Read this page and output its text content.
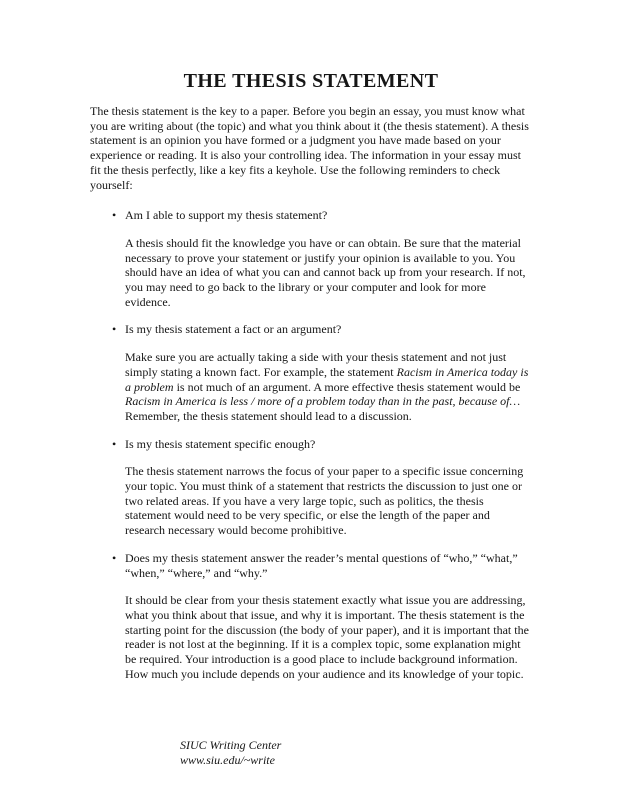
THE THESIS STATEMENT

The thesis statement is the key to a paper. Before you begin an essay, you must know what you are writing about (the topic) and what you think about it (the thesis statement). A thesis statement is an opinion you have formed or a judgment you have made based on your experience or reading. It is also your controlling idea. The information in your essay must fit the thesis perfectly, like a key fits a keyhole. Use the following reminders to check yourself:

• Am I able to support my thesis statement?

A thesis should fit the knowledge you have or can obtain. Be sure that the material necessary to prove your statement or justify your opinion is available to you. You should have an idea of what you can and cannot back up from your research. If not, you may need to go back to the library or your computer and look for more evidence.

• Is my thesis statement a fact or an argument?

Make sure you are actually taking a side with your thesis statement and not just simply stating a known fact. For example, the statement Racism in America today is a problem is not much of an argument. A more effective thesis statement would be Racism in America is less / more of a problem today than in the past, because of… Remember, the thesis statement should lead to a discussion.

• Is my thesis statement specific enough?

The thesis statement narrows the focus of your paper to a specific issue concerning your topic. You must think of a statement that restricts the discussion to just one or two related areas. If you have a very large topic, such as politics, the thesis statement would need to be very specific, or else the length of the paper and research necessary would become prohibitive.

• Does my thesis statement answer the reader’s mental questions of “who,” “what,” “when,” “where,” and “why.”

It should be clear from your thesis statement exactly what issue you are addressing, what you think about that issue, and why it is important. The thesis statement is the starting point for the discussion (the body of your paper), and it is important that the reader is not lost at the beginning. If it is a complex topic, some explanation might be required. Your introduction is a good place to include background information. How much you include depends on your audience and its knowledge of your topic.

SIUC Writing Center
www.siu.edu/~write
